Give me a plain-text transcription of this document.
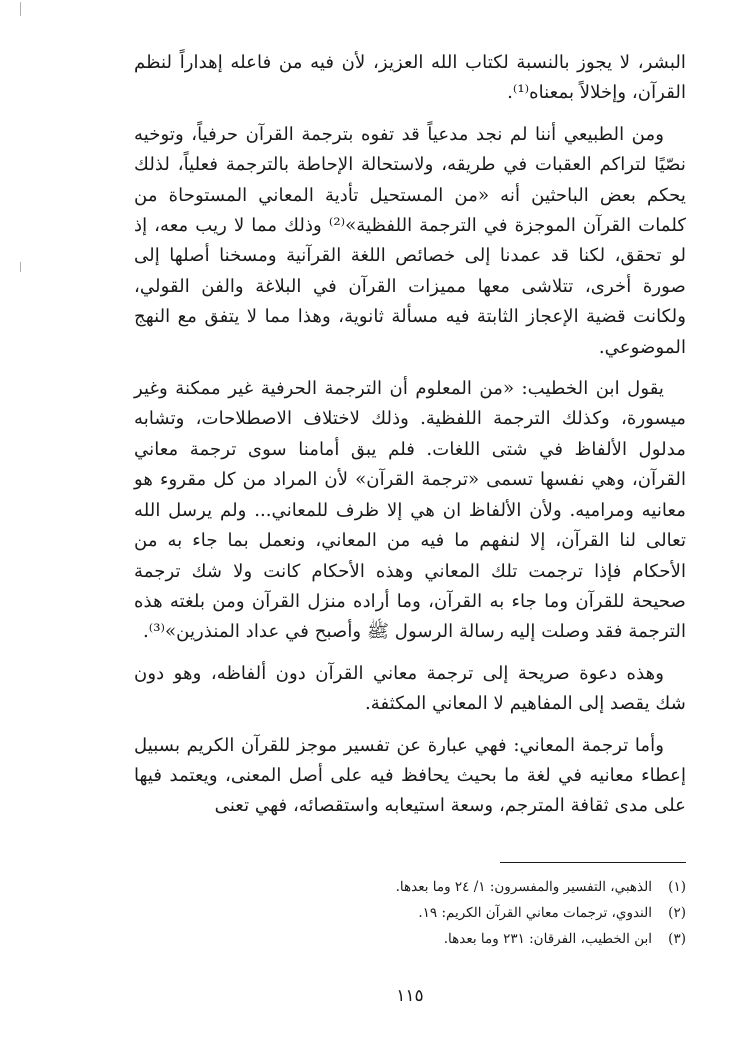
البشر، لا يجوز بالنسبة لكتاب الله العزيز، لأن فيه من فاعله إهداراً لنظم القرآن، وإخلالاً بمعناه⁽¹⁾.

ومن الطبيعي أننا لم نجد مدعياً قد تفوه بترجمة القرآن حرفياً، وتوخيه نصّيًا لتراكم العقبات في طريقه، ولاستحالة الإحاطة بالترجمة فعلياً، لذلك يحكم بعض الباحثين أنه «من المستحيل تأدية المعاني المستوحاة من كلمات القرآن الموجزة في الترجمة اللفظية»⁽²⁾ وذلك مما لا ريب معه، إذ لو تحقق، لكنا قد عمدنا إلى خصائص اللغة القرآنية ومسخنا أصلها إلى صورة أخرى، تتلاشى معها مميزات القرآن في البلاغة والفن القولي، ولكانت قضية الإعجاز الثابتة فيه مسألة ثانوية، وهذا مما لا يتفق مع النهج الموضوعي.

يقول ابن الخطيب: «من المعلوم أن الترجمة الحرفية غير ممكنة وغير ميسورة، وكذلك الترجمة اللفظية. وذلك لاختلاف الاصطلاحات، وتشابه مدلول الألفاظ في شتى اللغات. فلم يبق أمامنا سوى ترجمة معاني القرآن، وهي نفسها تسمى «ترجمة القرآن» لأن المراد من كل مقروء هو معانيه ومراميه. ولأن الألفاظ ان هي إلا ظرف للمعاني... ولم يرسل الله تعالى لنا القرآن، إلا لنفهم ما فيه من المعاني، ونعمل بما جاء به من الأحكام فإذا ترجمت تلك المعاني وهذه الأحكام كانت ولا شك ترجمة صحيحة للقرآن وما جاء به القرآن، وما أراده منزل القرآن ومن بلغته هذه الترجمة فقد وصلت إليه رسالة الرسول ﷺ وأصبح في عداد المنذرين»⁽³⁾.

وهذه دعوة صريحة إلى ترجمة معاني القرآن دون ألفاظه، وهو دون شك يقصد إلى المفاهيم لا المعاني المكثفة.

وأما ترجمة المعاني: فهي عبارة عن تفسير موجز للقرآن الكريم بسبيل إعطاء معانيه في لغة ما بحيث يحافظ فيه على أصل المعنى، ويعتمد فيها على مدى ثقافة المترجم، وسعة استيعابه واستقصائه، فهي تعنى

(١)
الذهبي، التفسير والمفسرون: ١/ ٢٤ وما بعدها.
(٢)
الندوي، ترجمات معاني القرآن الكريم: ١٩.
(٣)
ابن الخطيب، الفرقان: ٢٣١ وما بعدها.
١١٥
